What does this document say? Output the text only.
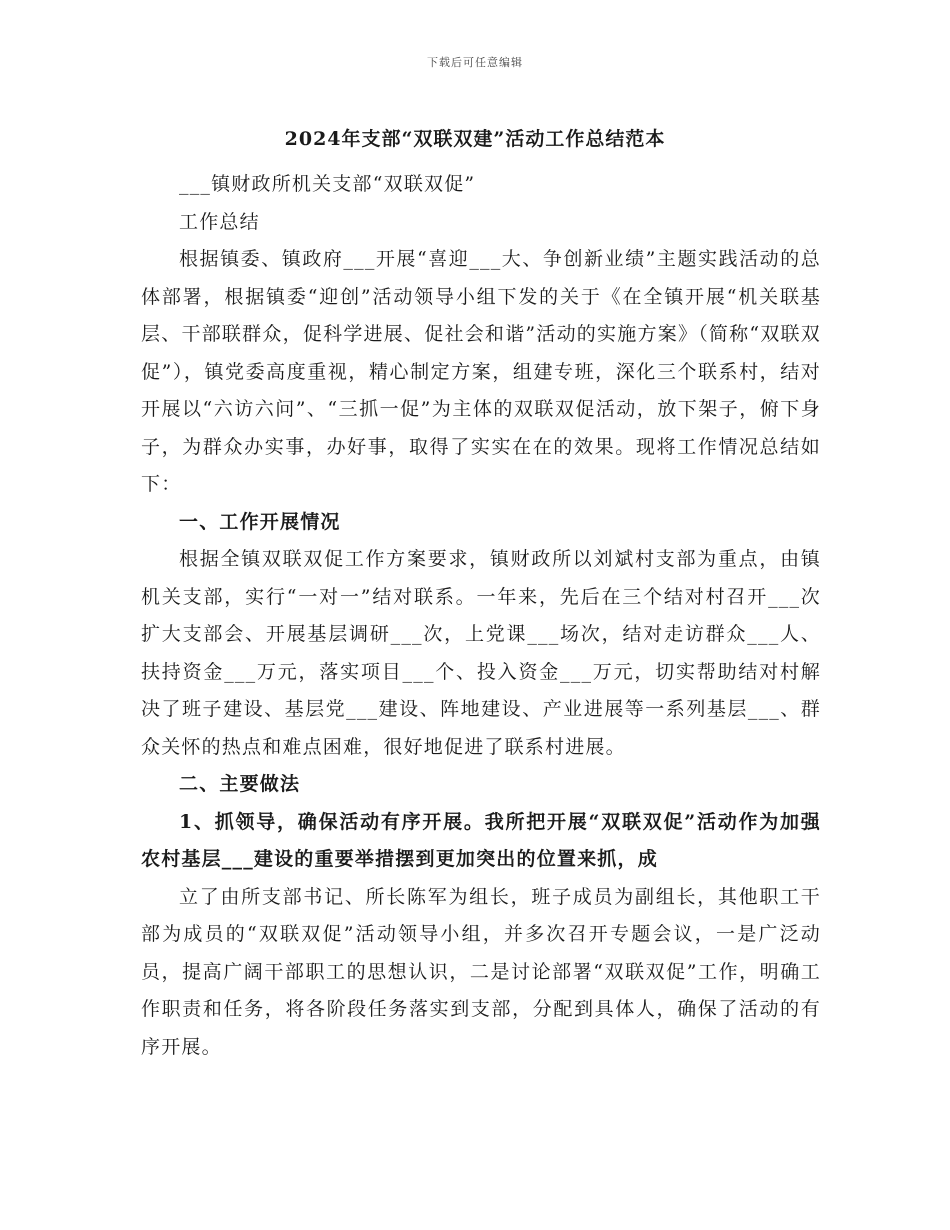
下载后可任意编辑
2024年支部“双联双建”活动工作总结范本

___镇财政所机关支部“双联双促”

工作总结

根据镇委、镇政府___开展“喜迎___大、争创新业绩”主题实践活动的总体部署，根据镇委“迎创”活动领导小组下发的关于《在全镇开展“机关联基层、干部联群众，促科学进展、促社会和谐”活动的实施方案》（简称“双联双促”），镇党委高度重视，精心制定方案，组建专班，深化三个联系村，结对开展以“六访六问”、“三抓一促”为主体的双联双促活动，放下架子，俯下身子，为群众办实事，办好事，取得了实实在在的效果。现将工作情况总结如下：

一、工作开展情况

根据全镇双联双促工作方案要求，镇财政所以刘斌村支部为重点，由镇机关支部，实行“一对一”结对联系。一年来，先后在三个结对村召开___次扩大支部会、开展基层调研___次，上党课___场次，结对走访群众___人、扶持资金___万元，落实项目___个、投入资金___万元，切实帮助结对村解决了班子建设、基层党___建设、阵地建设、产业进展等一系列基层___、群众关怀的热点和难点困难，很好地促进了联系村进展。

二、主要做法

1、抓领导，确保活动有序开展。我所把开展“双联双促”活动作为加强农村基层___建设的重要举措摆到更加突出的位置来抓，成

立了由所支部书记、所长陈军为组长，班子成员为副组长，其他职工干部为成员的“双联双促”活动领导小组，并多次召开专题会议，一是广泛动员，提高广阔干部职工的思想认识，二是讨论部署“双联双促”工作，明确工作职责和任务，将各阶段任务落实到支部，分配到具体人，确保了活动的有序开展。
